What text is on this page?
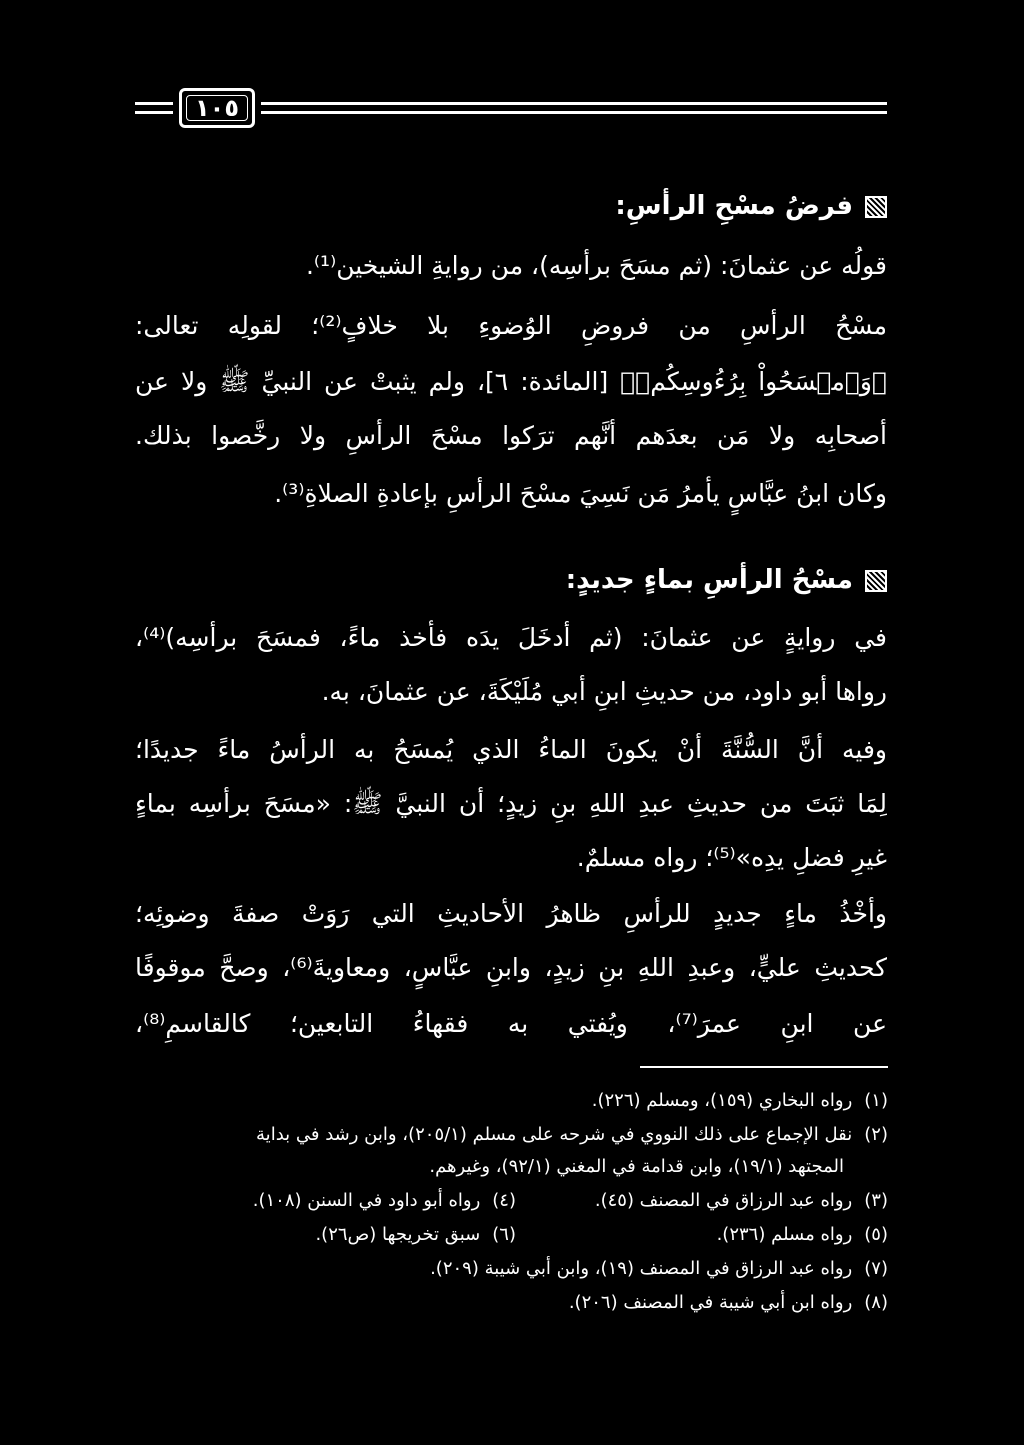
١٠٥
فرضُ مسْحِ الرأسِ:
قولُه عن عثمانَ: (ثم مسَحَ برأسِه)، من روايةِ الشيخين⁽¹⁾.
مسْحُ الرأسِ من فروضِ الوُضوءِ بلا خلافٍ⁽²⁾؛ لقولِه تعالى:
﴿وَٱمۡسَحُواْ بِرُءُوسِكُمۡ﴾ [المائدة: ٦]، ولم يثبتْ عن النبيِّ ﷺ ولا عن
أصحابِه ولا مَن بعدَهم أنَّهم ترَكوا مسْحَ الرأسِ ولا رخَّصوا بذلك.
وكان ابنُ عبَّاسٍ يأمرُ مَن نَسِيَ مسْحَ الرأسِ بإعادةِ الصلاةِ⁽³⁾.
مسْحُ الرأسِ بماءٍ جديدٍ:
في روايةٍ عن عثمانَ: (ثم أدخَلَ يدَه فأخذ ماءً، فمسَحَ برأسِه)⁽⁴⁾،
رواها أبو داود، من حديثِ ابنِ أبي مُلَيْكَةَ، عن عثمانَ، به.
وفيه أنَّ السُّنَّةَ أنْ يكونَ الماءُ الذي يُمسَحُ به الرأسُ ماءً جديدًا؛
لِمَا ثبَتَ من حديثِ عبدِ اللهِ بنِ زيدٍ؛ أن النبيَّ ﷺ: «مسَحَ برأسِه بماءٍ
غيرِ فضلِ يدِه»⁽⁵⁾؛ رواه مسلمٌ.
وأخْذُ ماءٍ جديدٍ للرأسِ ظاهرُ الأحاديثِ التي رَوَتْ صفةَ وضوئِه؛
كحديثِ عليٍّ، وعبدِ اللهِ بنِ زيدٍ، وابنِ عبَّاسٍ، ومعاويةَ⁽⁶⁾، وصحَّ موقوفًا
عن ابنِ عمرَ⁽⁷⁾، ويُفتي به فقهاءُ التابعين؛ كالقاسمِ⁽⁸⁾،
(١)رواه البخاري (١٥٩)، ومسلم (٢٢٦).
(٢)نقل الإجماع على ذلك النووي في شرحه على مسلم (٢٠٥/١)، وابن رشد في بداية
المجتهد (١٩/١)، وابن قدامة في المغني (٩٢/١)، وغيرهم.
(٣)رواه عبد الرزاق في المصنف (٤٥).
(٤)رواه أبو داود في السنن (١٠٨).
(٥)رواه مسلم (٢٣٦).
(٦)سبق تخريجها (ص٢٦).
(٧)رواه عبد الرزاق في المصنف (١٩)، وابن أبي شيبة (٢٠٩).
(٨)رواه ابن أبي شيبة في المصنف (٢٠٦).
